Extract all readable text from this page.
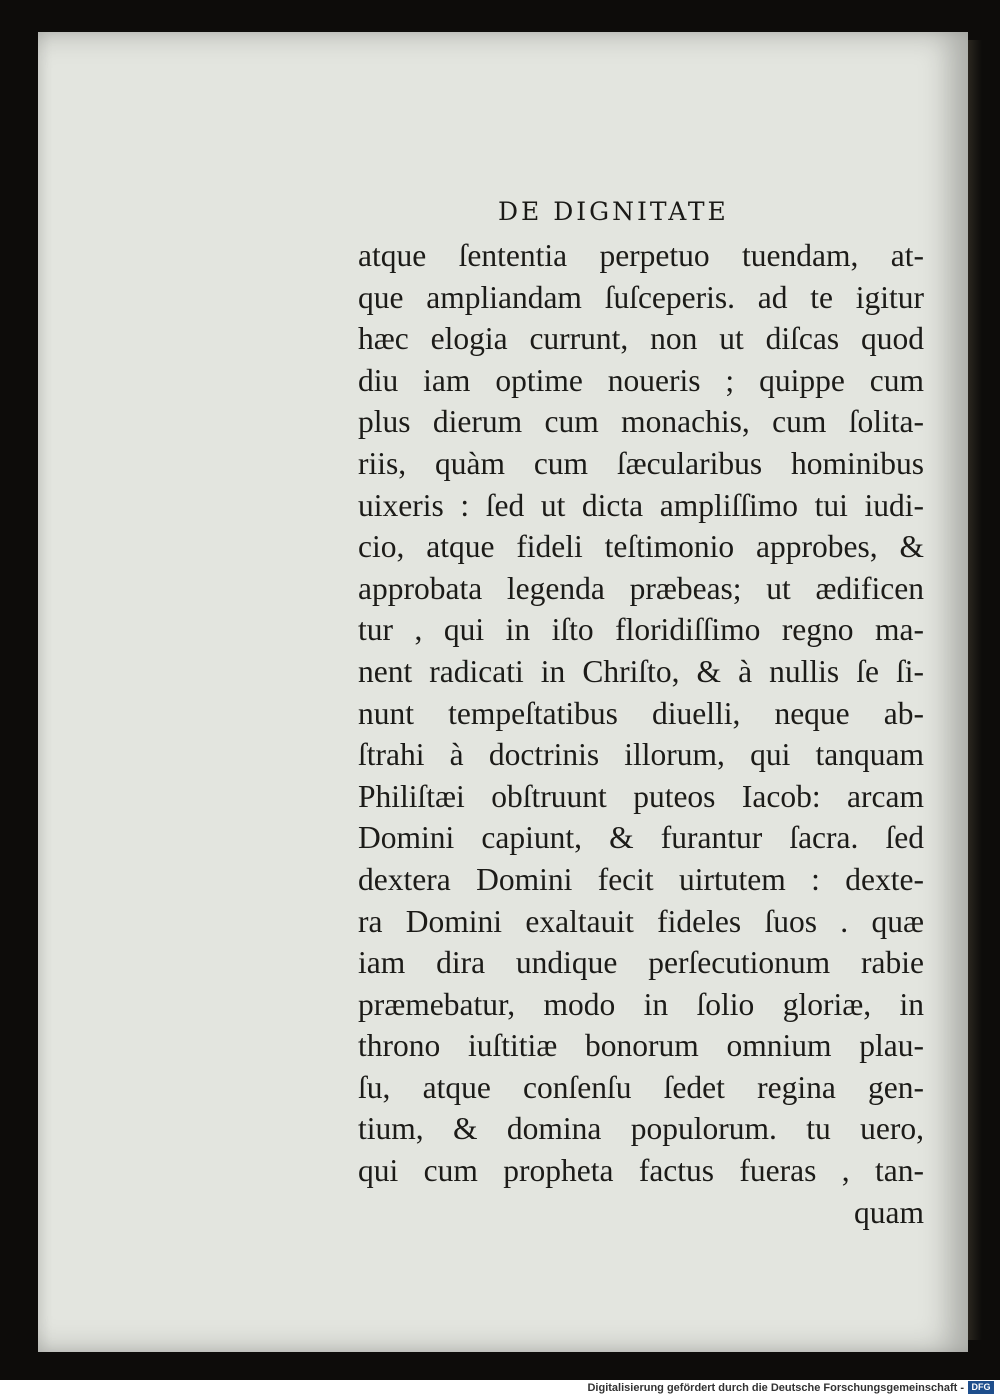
DE DIGNITATE
atque ſententia perpetuo tuendam, at-
que ampliandam ſuſceperis. ad te igitur
hæc elogia currunt, non ut diſcas quod
diu iam optime noueris ; quippe cum
plus dierum cum monachis, cum ſolita-
riis, quàm cum ſæcularibus hominibus
uixeris : ſed ut dicta ampliſſimo tui iudi-
cio, atque fideli teſtimonio approbes, &
approbata legenda præbeas; ut ædificen
tur , qui in iſto floridiſſimo regno ma-
nent radicati in Chriſto, & à nullis ſe ſi-
nunt tempeſtatibus diuelli, neque ab-
ſtrahi à doctrinis illorum, qui tanquam
Philiſtæi obſtruunt puteos Iacob: arcam
Domini capiunt, & furantur ſacra. ſed
dextera Domini fecit uirtutem : dexte-
ra Domini exaltauit fideles ſuos . quæ
iam dira undique perſecutionum rabie
præmebatur, modo in ſolio gloriæ, in
throno iuſtitiæ bonorum omnium plau-
ſu, atque conſenſu ſedet regina gen-
tium, & domina populorum. tu uero,
qui cum propheta factus fueras , tan-
quam
Digitalisierung gefördert durch die Deutsche Forschungsgemeinschaft - DFG
